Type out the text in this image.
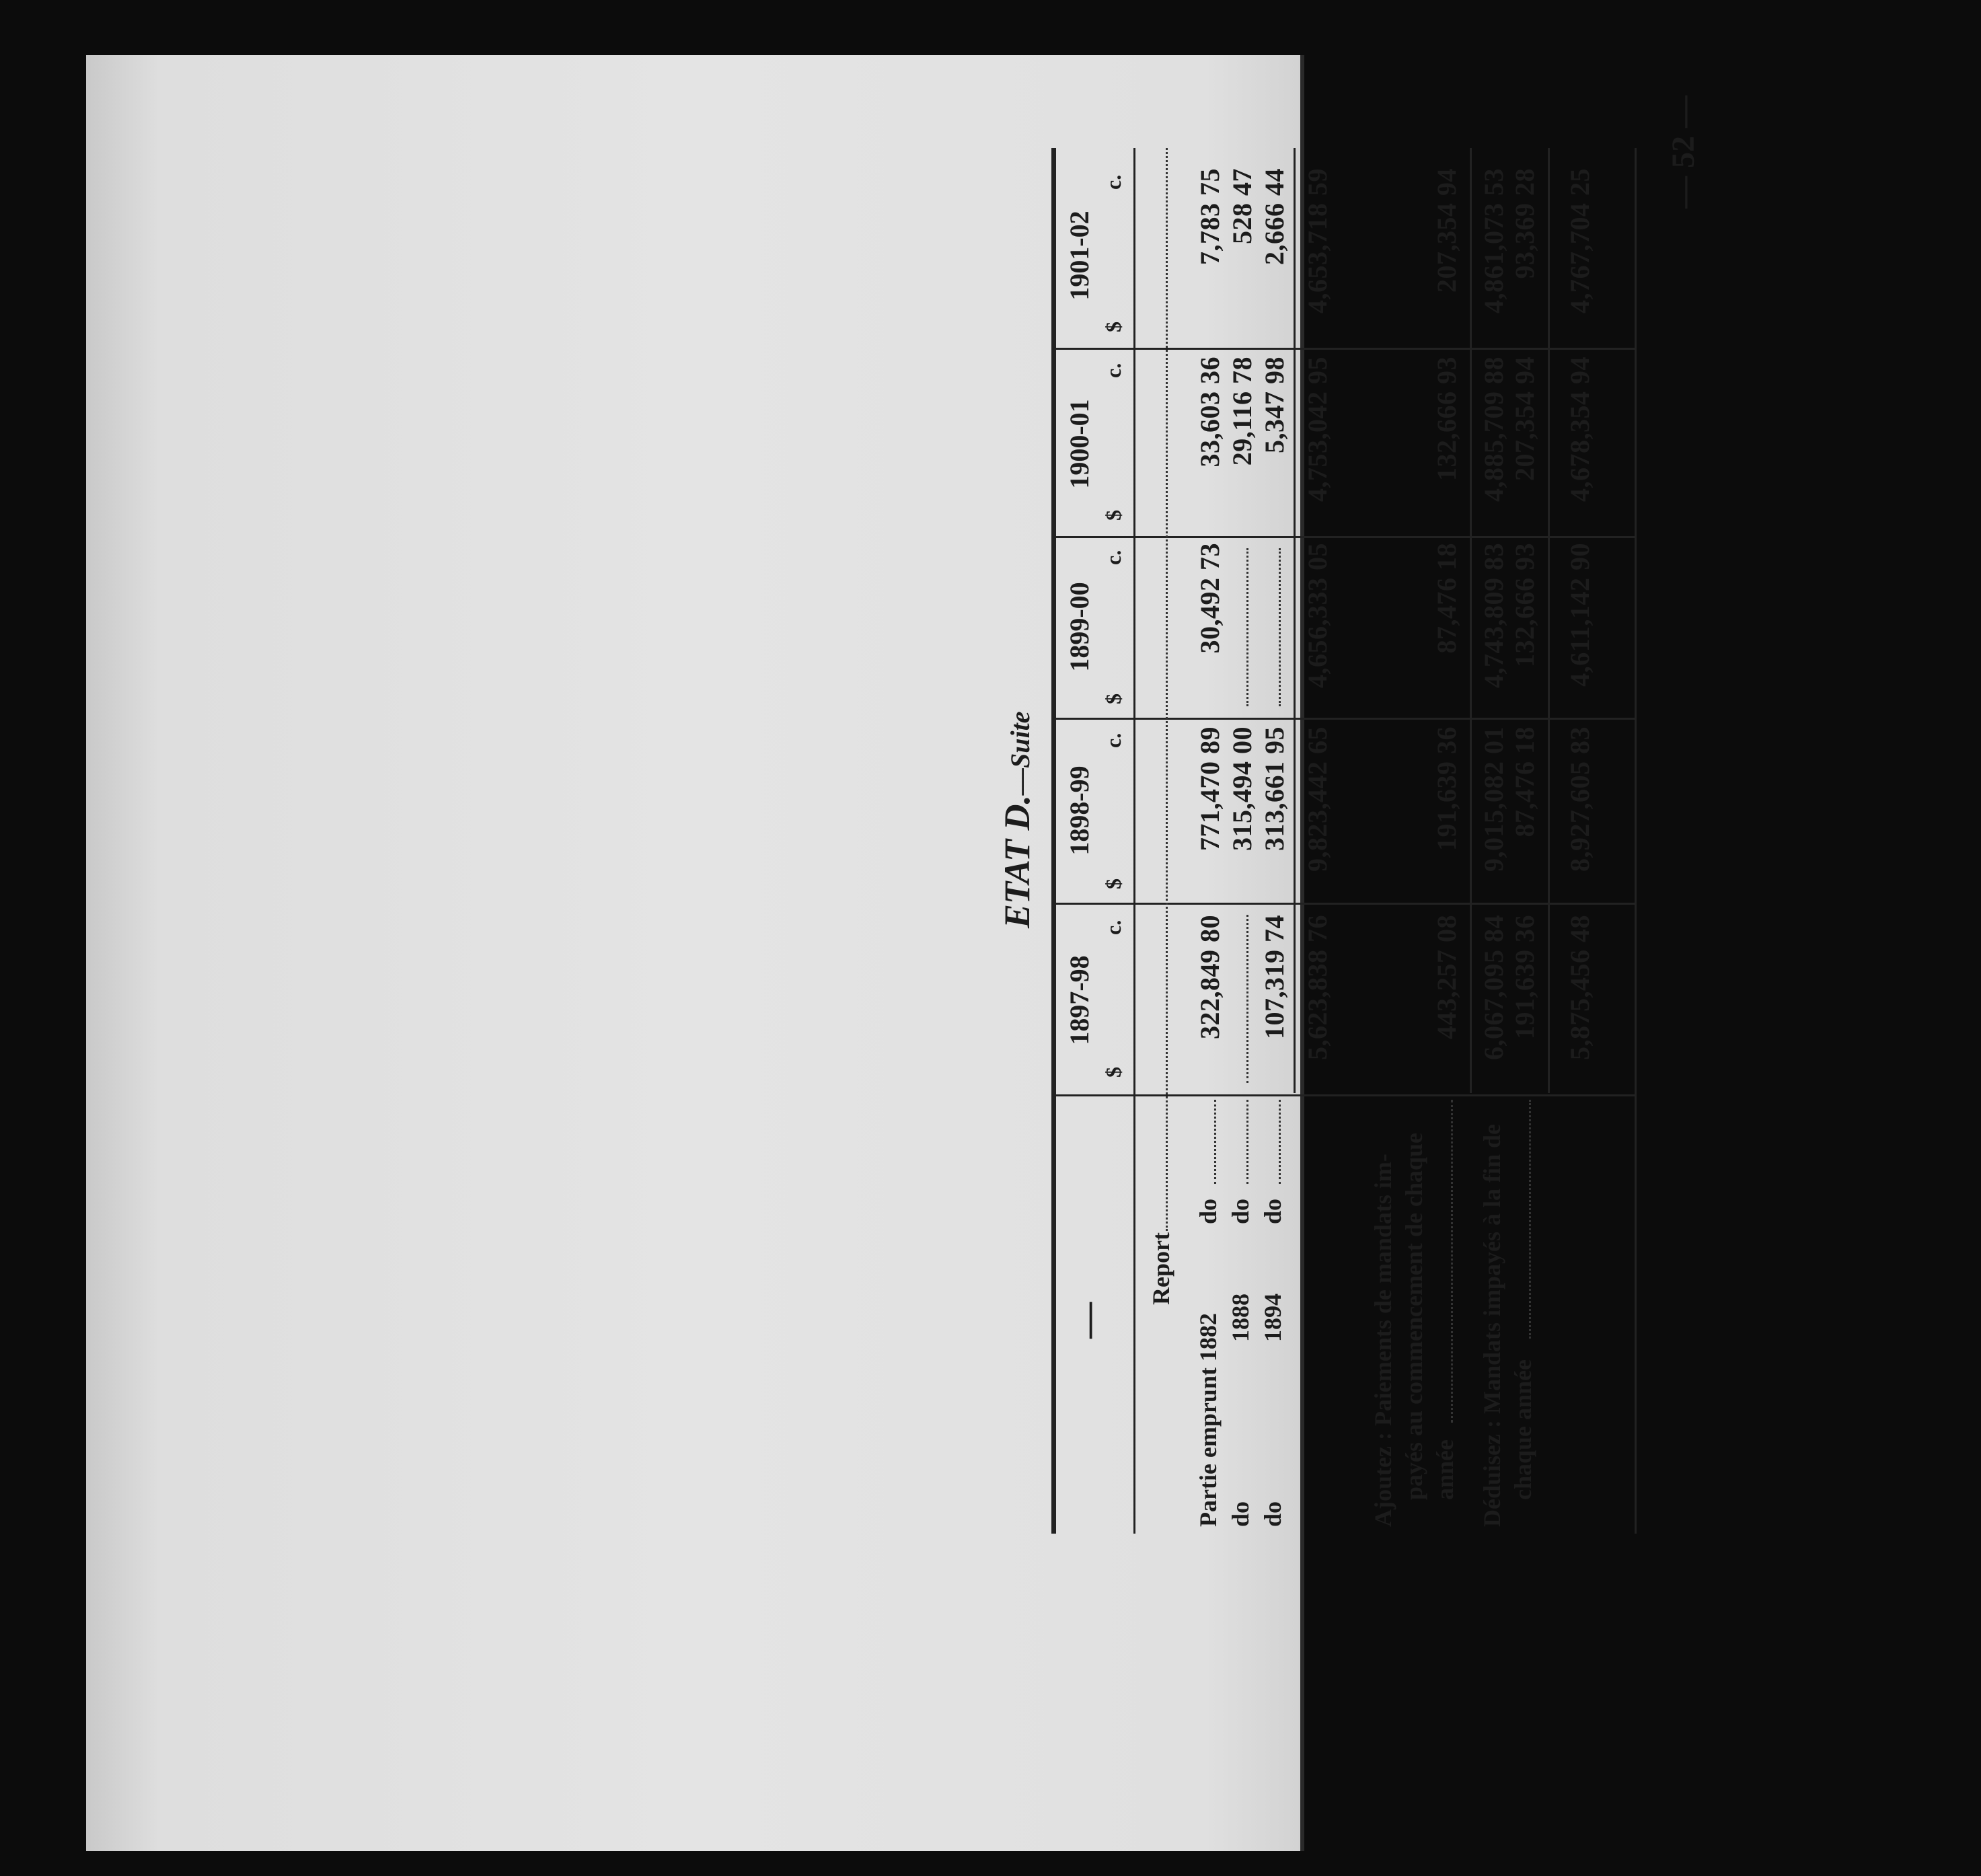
— 52 —
ETAT D.—Suite
—
1897-98
1898-99
1899-00
1900-01
1901-02
$
c.
$
c.
$
c.
$
c.
$
c.
Report
Partie emprunt 1882
do
do
1888
do
do
1894
do
322,849 80
771,470 89
30,492 73
33,603 36
7,783 75
315,494 00
29,116 78
528 47
107,319 74
313,661 95
5,347 98
2,666 44
5,623,838 76
9,823,442 65
4,656,333 05
4,753,042 95
4,653,718 59
Ajoutez : Paiements de mandats im- payés au commencement de chaque année
443,257 08
191,639 36
87,476 18
132,666 93
207,354 94
6,067,095 84
9,015,082 01
4,743,809 83
4,885,709 88
4,861,073 53
Déduisez : Mandats impayés à la fin de chaque année
191,639 36
87,476 18
132,666 93
207,354 94
93,369 28
5,875,456 48
8,927,605 83
4,611,142 90
4,678,354 94
4,767,704 25
